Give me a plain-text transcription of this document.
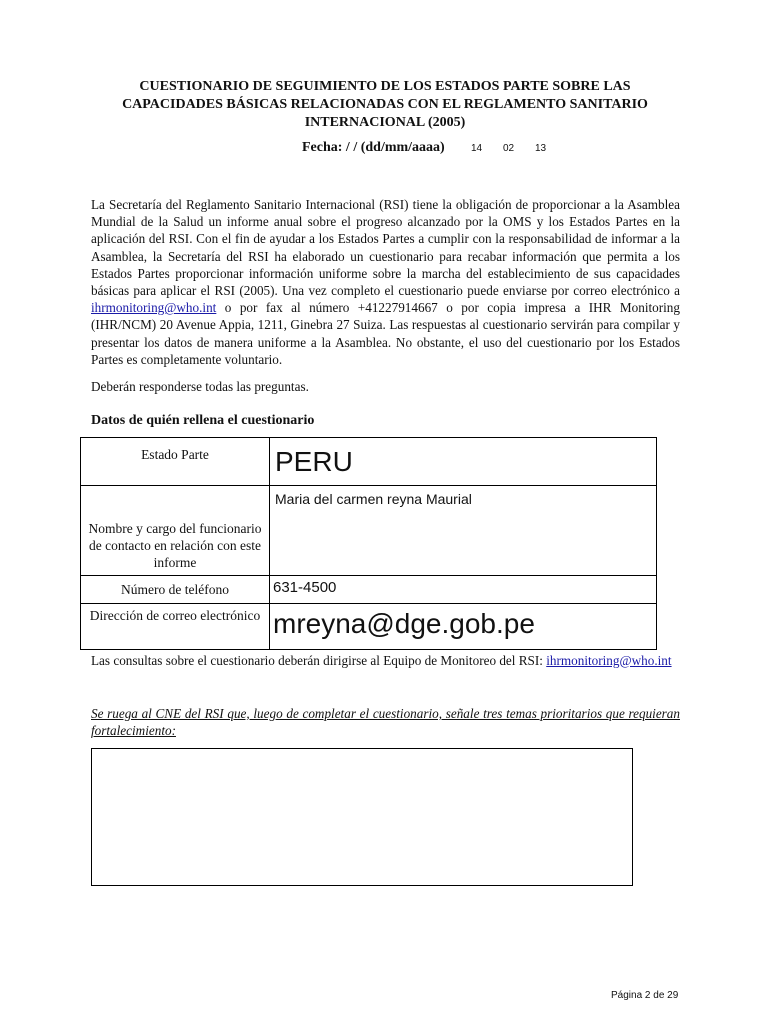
CUESTIONARIO DE SEGUIMIENTO DE LOS ESTADOS PARTE SOBRE LAS
CAPACIDADES BÁSICAS RELACIONADAS CON EL REGLAMENTO SANITARIO
INTERNACIONAL (2005)
Fecha: / / (dd/mm/aaaa)	14 02 13
La Secretaría del Reglamento Sanitario Internacional (RSI) tiene la obligación de proporcionar a la Asamblea Mundial de la Salud un informe anual sobre el progreso alcanzado por la OMS y los Estados Partes en la aplicación del RSI. Con el fin de ayudar a los Estados Partes a cumplir con la responsabilidad de informar a la Asamblea, la Secretaría del RSI ha elaborado un cuestionario para recabar información que permita a los Estados Partes proporcionar información uniforme sobre la marcha del establecimiento de sus capacidades básicas para aplicar el RSI (2005). Una vez completo el cuestionario puede enviarse por correo electrónico a ihrmonitoring@who.int o por fax al número +41227914667 o por copia impresa a IHR Monitoring (IHR/NCM) 20 Avenue Appia, 1211, Ginebra 27 Suiza. Las respuestas al cuestionario servirán para compilar y presentar los datos de manera uniforme a la Asamblea. No obstante, el uso del cuestionario por los Estados Partes es completamente voluntario.
Deberán responderse todas las preguntas.
Datos de quién rellena el cuestionario
Estado Parte	PERU

Nombre y cargo del funcionario de contacto en relación con este informe	Maria del carmen reyna Maurial

Número de teléfono	631-4500

Dirección de correo electrónico	mreyna@dge.gob.pe
Las consultas sobre el cuestionario deberán dirigirse al Equipo de Monitoreo del RSI: ihrmonitoring@who.int
Se ruega al CNE del RSI que, luego de completar el cuestionario, señale tres temas prioritarios que requieran fortalecimiento:
Página 2 de 29
